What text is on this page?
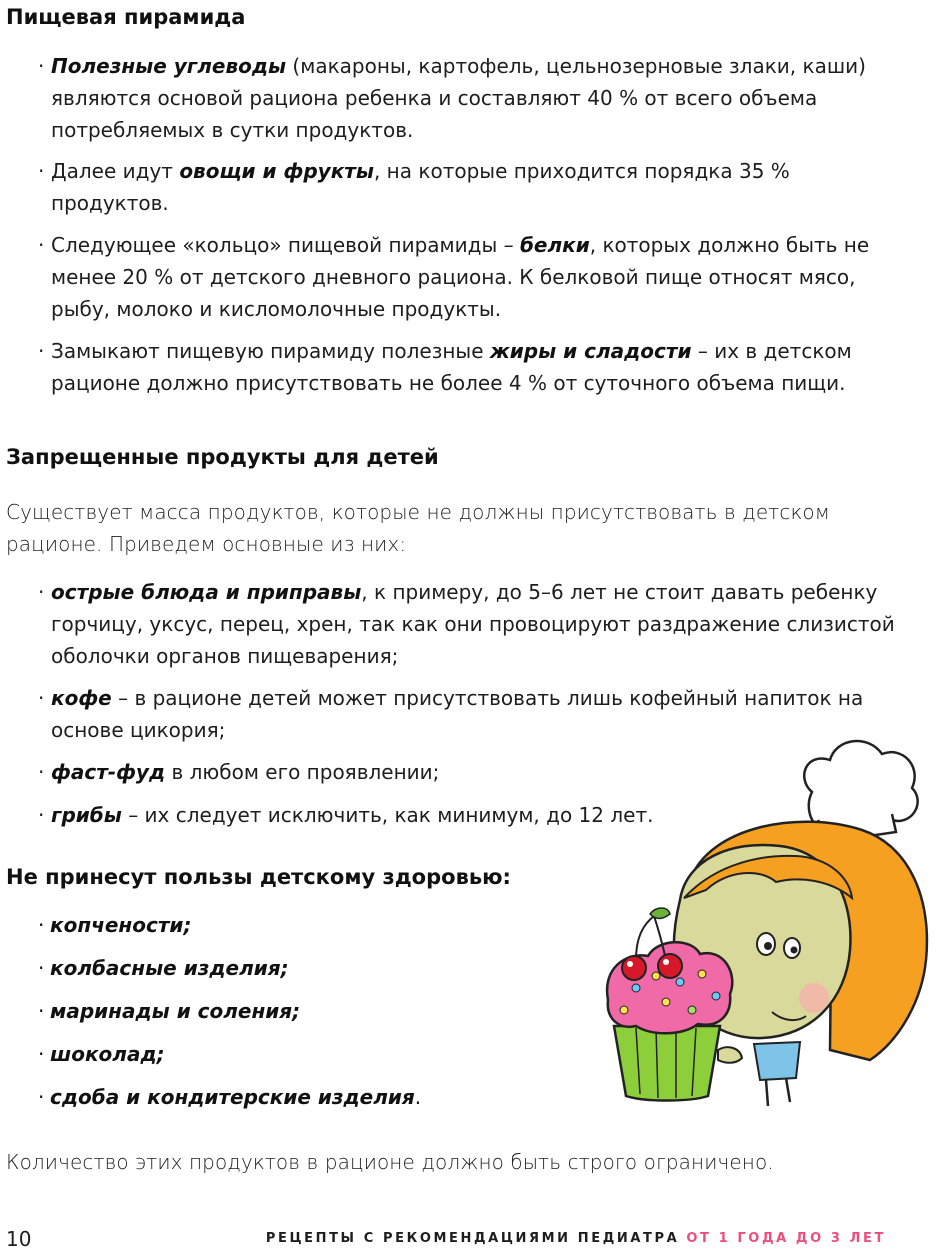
Пищевая пирамида

· Полезные углеводы (макароны, картофель, цельнозерновые злаки, каши) являются основой рациона ребенка и составляют 40 % от всего объема потребляемых в сутки продуктов.

· Далее идут овощи и фрукты, на которые приходится порядка 35 % продуктов.

· Следующее «кольцо» пищевой пирамиды – белки, которых должно быть не менее 20 % от детского дневного рациона. К белковой пище относят мясо, рыбу, молоко и кисломолочные продукты.

· Замыкают пищевую пирамиду полезные жиры и сладости – их в детском рационе должно присутствовать не более 4 % от суточного объема пищи.

Запрещенные продукты для детей

Существует масса продуктов, которые не должны присутствовать в детском рационе. Приведем основные из них:

· острые блюда и приправы, к примеру, до 5–6 лет не стоит давать ребенку горчицу, уксус, перец, хрен, так как они провоцируют раздражение слизистой оболочки органов пищеварения;

· кофе – в рационе детей может присутствовать лишь кофейный напиток на основе цикория;

· фаст-фуд в любом его проявлении;

· грибы – их следует исключить, как минимум, до 12 лет.

Не принесут пользы детскому здоровью:
· копчености;
· колбасные изделия;
· маринады и соления;
· шоколад;
· сдоба и кондитерские изделия.

Количество этих продуктов в рационе должно быть строго ограничено.

10	РЕЦЕПТЫ С РЕКОМЕНДАЦИЯМИ ПЕДИАТРА ОТ 1 ГОДА ДО 3 ЛЕТ
